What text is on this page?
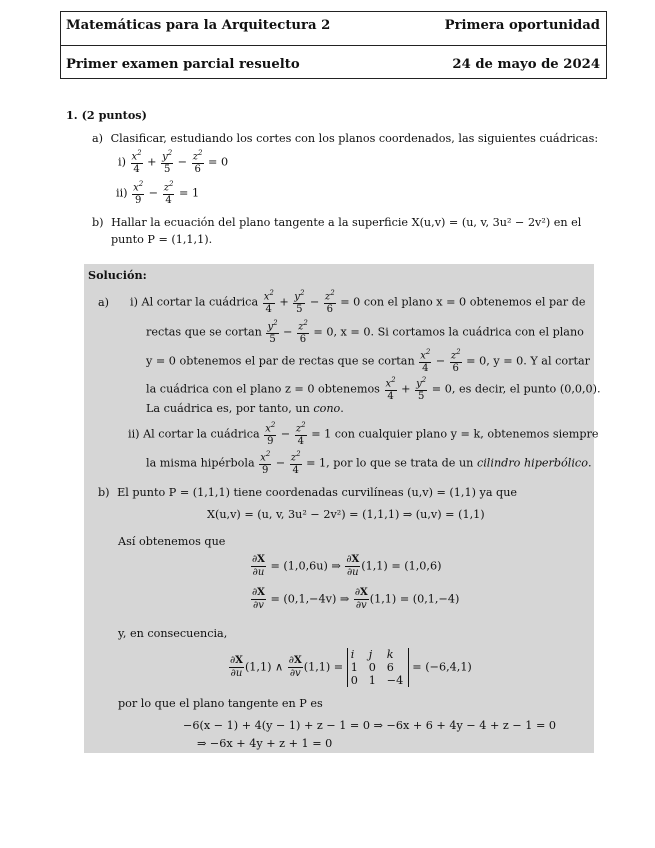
Matemáticas para la Arquitectura 2	Primera oportunidad
Primer examen parcial resuelto	24 de mayo de 2024
1. (2 puntos)
a) Clasificar, estudiando los cortes con los planos coordenados, las siguientes cuádricas:
$i) \frac{x^2}{4} + \frac{y^2}{5} - \frac{z^2}{6} = 0$
$ii) \frac{x^2}{9} - \frac{z^2}{4} = 1$
b) Hallar la ecuación del plano tangente a la superficie X(u,v) = (u, v, 3u² − 2v²) en el
punto P = (1,1,1).
Solución:
a) i) Al cortar la cuádrica $\frac{x^2}{4} + \frac{y^2}{5} - \frac{z^2}{6} = 0$ con el plano x = 0 obtenemos el par de
rectas que se cortan $\frac{y^2}{5} - \frac{z^2}{6} = 0$, x = 0. Si cortamos la cuádrica con el plano
y = 0 obtenemos el par de rectas que se cortan $\frac{x^2}{4} - \frac{z^2}{6} = 0$, y = 0. Y al cortar
la cuádrica con el plano z = 0 obtenemos $\frac{x^2}{4} + \frac{y^2}{5} = 0$, es decir, el punto (0,0,0).
La cuádrica es, por tanto, un cono.
ii) Al cortar la cuádrica $\frac{x^2}{9} - \frac{z^2}{4} = 1$ con cualquier plano y = k, obtenemos siempre
la misma hipérbola $\frac{x^2}{9} - \frac{z^2}{4} = 1$, por lo que se trata de un cilindro hiperbólico.
b) El punto P = (1,1,1) tiene coordenadas curvilíneas (u,v) = (1,1) ya que
X(u,v) = (u, v, 3u² − 2v²) = (1,1,1) ⇒ (u,v) = (1,1)
Así obtenemos que
$\frac{\partial X}{\partial u} = (1,0,6u)$ ⇒ $\frac{\partial X}{\partial u} (1,1) = (1,0,6)$
$\frac{\partial X}{\partial v} = (0,1,-4v)$ ⇒ $\frac{\partial X}{\partial v} (1,1) = (0,1,-4)$
y, en consecuencia,
$\frac{\partial X}{\partial u} (1,1)$ ∧ $\frac{\partial X}{\partial v} (1,1)$ =
i	j	k
1 0 6
0 1 −4
= (−6,4,1)
por lo que el plano tangente en P es
−6(x − 1) + 4(y − 1) + z − 1 = 0 ⇒ −6x + 6 + 4y − 4 + z − 1 = 0
⇒ −6x + 4y + z + 1 = 0
